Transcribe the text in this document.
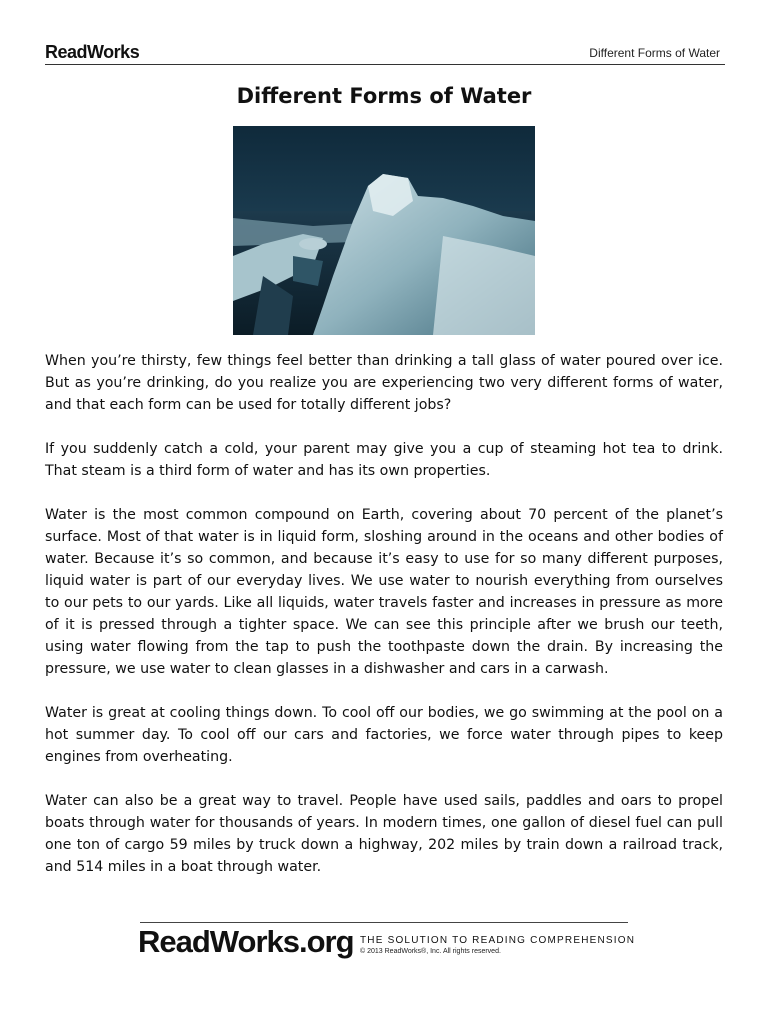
ReadWorks	Different Forms of Water
Different Forms of Water

When you’re thirsty, few things feel better than drinking a tall glass of water poured over ice. But as you’re drinking, do you realize you are experiencing two very different forms of water, and that each form can be used for totally different jobs?

If you suddenly catch a cold, your parent may give you a cup of steaming hot tea to drink. That steam is a third form of water and has its own properties.

Water is the most common compound on Earth, covering about 70 percent of the planet’s surface. Most of that water is in liquid form, sloshing around in the oceans and other bodies of water. Because it’s so common, and because it’s easy to use for so many different purposes, liquid water is part of our everyday lives. We use water to nourish everything from ourselves to our pets to our yards. Like all liquids, water travels faster and increases in pressure as more of it is pressed through a tighter space. We can see this principle after we brush our teeth, using water flowing from the tap to push the toothpaste down the drain. By increasing the pressure, we use water to clean glasses in a dishwasher and cars in a carwash.

Water is great at cooling things down. To cool off our bodies, we go swimming at the pool on a hot summer day. To cool off our cars and factories, we force water through pipes to keep engines from overheating.

Water can also be a great way to travel. People have used sails, paddles and oars to propel boats through water for thousands of years. In modern times, one gallon of diesel fuel can pull one ton of cargo 59 miles by truck down a highway, 202 miles by train down a railroad track, and 514 miles in a boat through water.

ReadWorks.org THE SOLUTION TO READING COMPREHENSION
© 2013 ReadWorks®, Inc. All rights reserved.
